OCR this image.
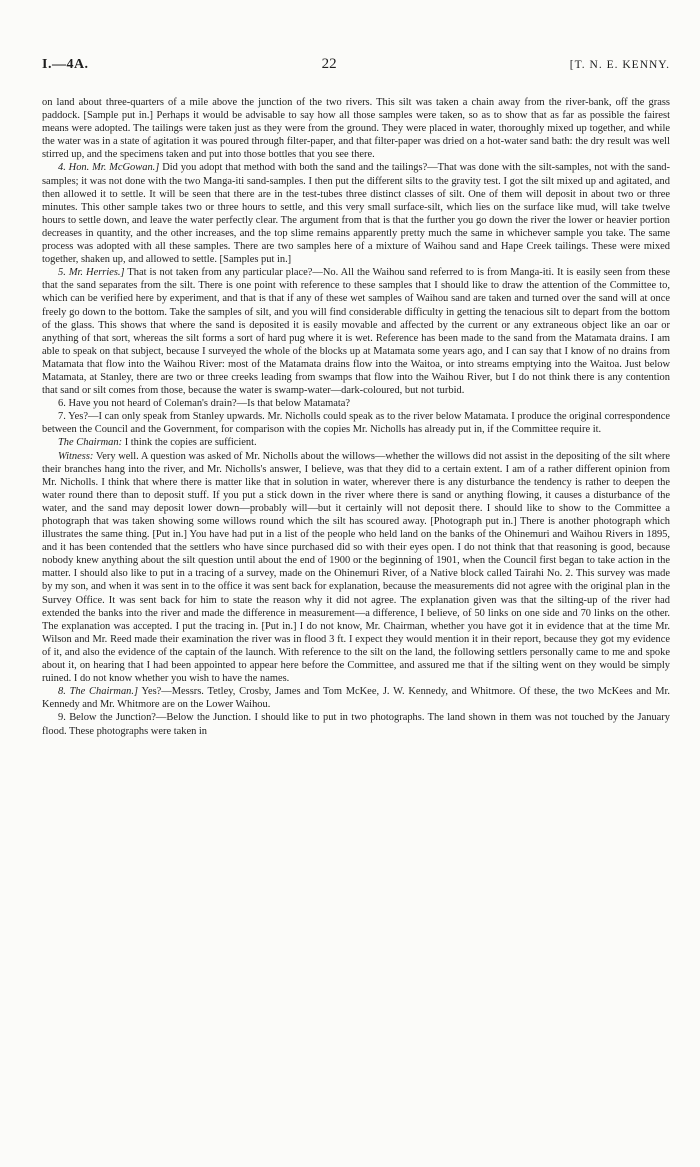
I.—4A.	22	[T. N. E. KENNY.

on land about three-quarters of a mile above the junction of the two rivers. This silt was taken a chain away from the river-bank, off the grass paddock. [Sample put in.] Perhaps it would be advisable to say how all those samples were taken, so as to show that as far as possible the fairest means were adopted. The tailings were taken just as they were from the ground. They were placed in water, thoroughly mixed up together, and while the water was in a state of agitation it was poured through filter-paper, and that filter-paper was dried on a hot-water sand bath: the dry result was well stirred up, and the specimens taken and put into those bottles that you see there.

4. Hon. Mr. McGowan.] Did you adopt that method with both the sand and the tailings?—That was done with the silt-samples, not with the sand-samples; it was not done with the two Manga-iti sand-samples. I then put the different silts to the gravity test. I got the silt mixed up and agitated, and then allowed it to settle. It will be seen that there are in the test-tubes three distinct classes of silt. One of them will deposit in about two or three minutes. This other sample takes two or three hours to settle, and this very small surface-silt, which lies on the surface like mud, will take twelve hours to settle down, and leave the water perfectly clear. The argument from that is that the further you go down the river the lower or heavier portion decreases in quantity, and the other increases, and the top slime remains apparently pretty much the same in whichever sample you take. The same process was adopted with all these samples. There are two samples here of a mixture of Waihou sand and Hape Creek tailings. These were mixed together, shaken up, and allowed to settle. [Samples put in.]

5. Mr. Herries.] That is not taken from any particular place?—No. All the Waihou sand referred to is from Manga-iti. It is easily seen from these that the sand separates from the silt. There is one point with reference to these samples that I should like to draw the attention of the Committee to, which can be verified here by experiment, and that is that if any of these wet samples of Waihou sand are taken and turned over the sand will at once freely go down to the bottom. Take the samples of silt, and you will find considerable difficulty in getting the tenacious silt to depart from the bottom of the glass. This shows that where the sand is deposited it is easily movable and affected by the current or any extraneous object like an oar or anything of that sort, whereas the silt forms a sort of hard pug where it is wet. Reference has been made to the sand from the Matamata drains. I am able to speak on that subject, because I surveyed the whole of the blocks up at Matamata some years ago, and I can say that I know of no drains from Matamata that flow into the Waihou River: most of the Matamata drains flow into the Waitoa, or into streams emptying into the Waitoa. Just below Matamata, at Stanley, there are two or three creeks leading from swamps that flow into the Waihou River, but I do not think there is any contention that sand or silt comes from those, because the water is swamp-water—dark-coloured, but not turbid.

6. Have you not heard of Coleman's drain?—Is that below Matamata?

7. Yes?—I can only speak from Stanley upwards. Mr. Nicholls could speak as to the river below Matamata. I produce the original correspondence between the Council and the Government, for comparison with the copies Mr. Nicholls has already put in, if the Committee require it.

The Chairman: I think the copies are sufficient.

Witness: Very well. A question was asked of Mr. Nicholls about the willows—whether the willows did not assist in the depositing of the silt where their branches hang into the river, and Mr. Nicholls's answer, I believe, was that they did to a certain extent. I am of a rather different opinion from Mr. Nicholls. I think that where there is matter like that in solution in water, wherever there is any disturbance the tendency is rather to deepen the water round there than to deposit stuff. If you put a stick down in the river where there is sand or anything flowing, it causes a disturbance of the water, and the sand may deposit lower down—probably will—but it certainly will not deposit there. I should like to show to the Committee a photograph that was taken showing some willows round which the silt has scoured away. [Photograph put in.] There is another photograph which illustrates the same thing. [Put in.] You have had put in a list of the people who held land on the banks of the Ohinemuri and Waihou Rivers in 1895, and it has been contended that the settlers who have since purchased did so with their eyes open. I do not think that that reasoning is good, because nobody knew anything about the silt question until about the end of 1900 or the beginning of 1901, when the Council first began to take action in the matter. I should also like to put in a tracing of a survey, made on the Ohinemuri River, of a Native block called Tairahi No. 2. This survey was made by my son, and when it was sent in to the office it was sent back for explanation, because the measurements did not agree with the original plan in the Survey Office. It was sent back for him to state the reason why it did not agree. The explanation given was that the silting-up of the river had extended the banks into the river and made the difference in measurement—a difference, I believe, of 50 links on one side and 70 links on the other. The explanation was accepted. I put the tracing in. [Put in.] I do not know, Mr. Chairman, whether you have got it in evidence that at the time Mr. Wilson and Mr. Reed made their examination the river was in flood 3 ft. I expect they would mention it in their report, because they got my evidence of it, and also the evidence of the captain of the launch. With reference to the silt on the land, the following settlers personally came to me and spoke about it, on hearing that I had been appointed to appear here before the Committee, and assured me that if the silting went on they would be simply ruined. I do not know whether you wish to have the names.

8. The Chairman.] Yes?—Messrs. Tetley, Crosby, James and Tom McKee, J. W. Kennedy, and Whitmore. Of these, the two McKees and Mr. Kennedy and Mr. Whitmore are on the Lower Waihou.

9. Below the Junction?—Below the Junction. I should like to put in two photographs. The land shown in them was not touched by the January flood. These photographs were taken in
